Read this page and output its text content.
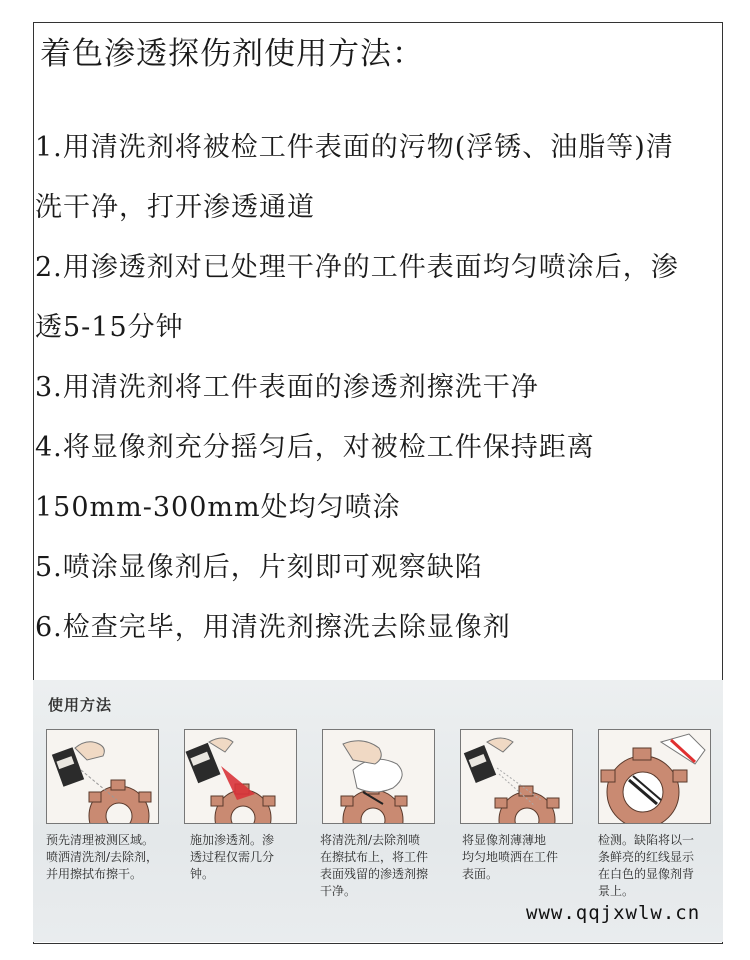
着色渗透探伤剂使用方法：
1.用清洗剂将被检工件表面的污物(浮锈、油脂等)清
洗干净，打开渗透通道
2.用渗透剂对已处理干净的工件表面均匀喷涂后，渗
透5-15分钟
3.用清洗剂将工件表面的渗透剂擦洗干净
4.将显像剂充分摇匀后，对被检工件保持距离
150mm-300mm处均匀喷涂
5.喷涂显像剂后，片刻即可观察缺陷
6.检查完毕，用清洗剂擦洗去除显像剂
使用方法
预先清理被测区域。
喷洒清洗剂/去除剂，
并用擦拭布擦干。
施加渗透剂。渗
透过程仅需几分
钟。
将清洗剂/去除剂喷
在擦拭布上，将工件
表面残留的渗透剂擦
干净。
将显像剂薄薄地
均匀地喷洒在工件
表面。
检测。缺陷将以一
条鲜亮的红线显示
在白色的显像剂背
景上。
www.qqjxwlw.cn
